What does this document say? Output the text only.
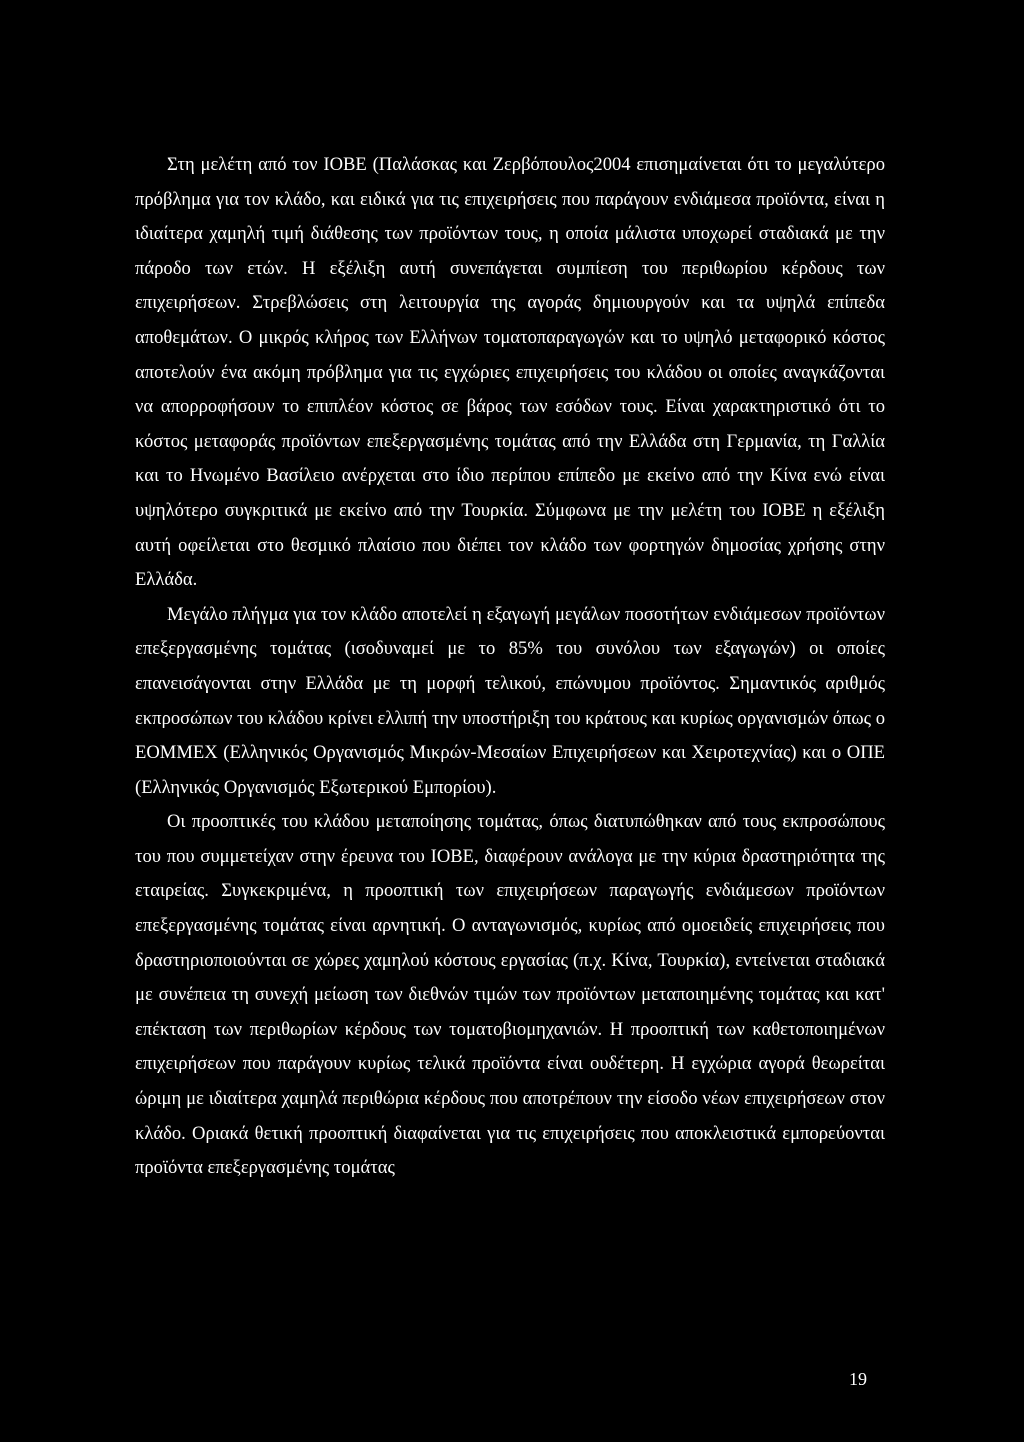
Στη μελέτη από τον ΙΟΒΕ (Παλάσκας και Ζερβόπουλος2004 επισημαίνεται ότι το μεγαλύτερο πρόβλημα για τον κλάδο, και ειδικά για τις επιχειρήσεις που παράγουν ενδιάμεσα προϊόντα, είναι η ιδιαίτερα χαμηλή τιμή διάθεσης των προϊόντων τους, η οποία μάλιστα υποχωρεί σταδιακά με την πάροδο των ετών. Η εξέλιξη αυτή συνεπάγεται συμπίεση του περιθωρίου κέρδους των επιχειρήσεων. Στρεβλώσεις στη λειτουργία της αγοράς δημιουργούν και τα υψηλά επίπεδα αποθεμάτων. Ο μικρός κλήρος των Ελλήνων τοματοπαραγωγών και το υψηλό μεταφορικό κόστος αποτελούν ένα ακόμη πρόβλημα για τις εγχώριες επιχειρήσεις του κλάδου οι οποίες αναγκάζονται να απορροφήσουν το επιπλέον κόστος σε βάρος των εσόδων τους. Είναι χαρακτηριστικό ότι το κόστος μεταφοράς προϊόντων επεξεργασμένης τομάτας από την Ελλάδα στη Γερμανία, τη Γαλλία και το Ηνωμένο Βασίλειο ανέρχεται στο ίδιο περίπου επίπεδο με εκείνο από την Κίνα ενώ είναι υψηλότερο συγκριτικά με εκείνο από την Τουρκία. Σύμφωνα με την μελέτη του ΙΟΒΕ η εξέλιξη αυτή οφείλεται στο θεσμικό πλαίσιο που διέπει τον κλάδο των φορτηγών δημοσίας χρήσης στην Ελλάδα.

Μεγάλο πλήγμα για τον κλάδο αποτελεί η εξαγωγή μεγάλων ποσοτήτων ενδιάμεσων προϊόντων επεξεργασμένης τομάτας (ισοδυναμεί με το 85% του συνόλου των εξαγωγών) οι οποίες επανεισάγονται στην Ελλάδα με τη μορφή τελικού, επώνυμου προϊόντος. Σημαντικός αριθμός εκπροσώπων του κλάδου κρίνει ελλιπή την υποστήριξη του κράτους και κυρίως οργανισμών όπως ο ΕΟΜΜΕΧ (Ελληνικός Οργανισμός Μικρών-Μεσαίων Επιχειρήσεων και Χειροτεχνίας) και ο ΟΠΕ (Ελληνικός Οργανισμός Εξωτερικού Εμπορίου).

Οι προοπτικές του κλάδου μεταποίησης τομάτας, όπως διατυπώθηκαν από τους εκπροσώπους του που συμμετείχαν στην έρευνα του ΙΟΒΕ, διαφέρουν ανάλογα με την κύρια δραστηριότητα της εταιρείας. Συγκεκριμένα, η προοπτική των επιχειρήσεων παραγωγής ενδιάμεσων προϊόντων επεξεργασμένης τομάτας είναι αρνητική. Ο ανταγωνισμός, κυρίως από ομοειδείς επιχειρήσεις που δραστηριοποιούνται σε χώρες χαμηλού κόστους εργασίας (π.χ. Κίνα, Τουρκία), εντείνεται σταδιακά με συνέπεια τη συνεχή μείωση των διεθνών τιμών των προϊόντων μεταποιημένης τομάτας και κατ' επέκταση των περιθωρίων κέρδους των τοματοβιομηχανιών. Η προοπτική των καθετοποιημένων επιχειρήσεων που παράγουν κυρίως τελικά προϊόντα είναι ουδέτερη. Η εγχώρια αγορά θεωρείται ώριμη με ιδιαίτερα χαμηλά περιθώρια κέρδους που αποτρέπουν την είσοδο νέων επιχειρήσεων στον κλάδο. Οριακά θετική προοπτική διαφαίνεται για τις επιχειρήσεις που αποκλειστικά εμπορεύονται προϊόντα επεξεργασμένης τομάτας

19
